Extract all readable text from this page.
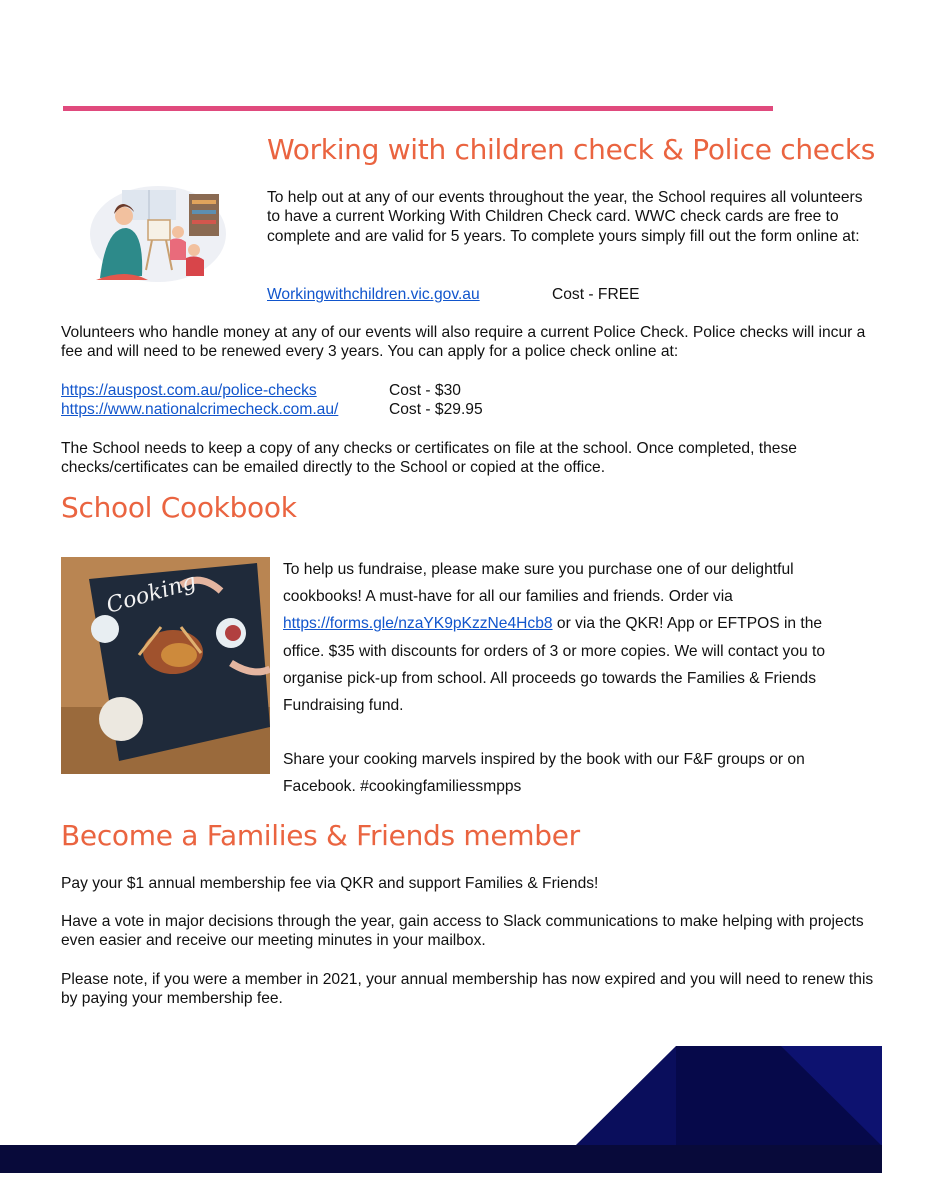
Working with children check & Police checks

To help out at any of our events throughout the year, the School requires all volunteers to have a current Working With Children Check card. WWC check cards are free to complete and are valid for 5 years. To complete yours simply fill out the form online at:

Workingwithchildren.vic.gov.au	Cost - FREE

Volunteers who handle money at any of our events will also require a current Police Check. Police checks will incur a fee and will need to be renewed every 3 years. You can apply for a police check online at:

https://auspost.com.au/police-checks	Cost - $30
https://www.nationalcrimecheck.com.au/	Cost - $29.95

The School needs to keep a copy of any checks or certificates on file at the school. Once completed, these checks/certificates can be emailed directly to the School or copied at the office.

School Cookbook
Cooking	To help us fundraise, please make sure you purchase one of our delightful cookbooks! A must-have for all our families and friends. Order via https://forms.gle/nzaYK9pKzzNe4Hcb8 or via the QKR! App or EFTPOS in the office. $35 with discounts for orders of 3 or more copies. We will contact you to organise pick-up from school. All proceeds go towards the Families & Friends Fundraising fund.

Share your cooking marvels inspired by the book with our F&F groups or on Facebook. #cookingfamiliessmpps

Become a Families & Friends member

Pay your $1 annual membership fee via QKR and support Families & Friends!

Have a vote in major decisions through the year, gain access to Slack communications to make helping with projects even easier and receive our meeting minutes in your mailbox.

Please note, if you were a member in 2021, your annual membership has now expired and you will need to renew this by paying your membership fee.
